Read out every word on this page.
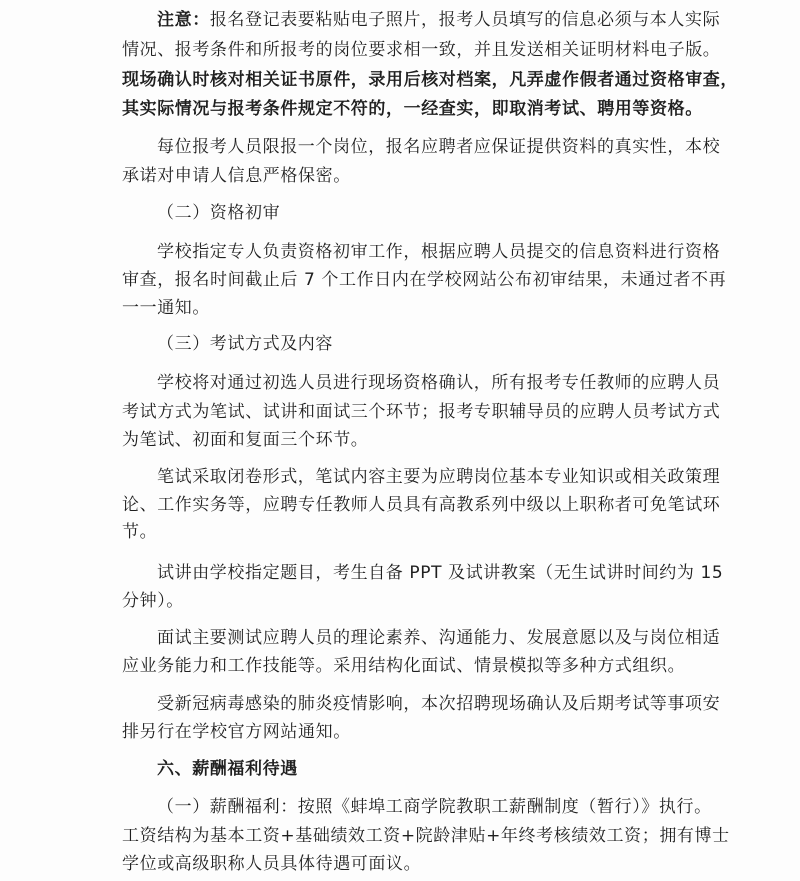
注意：报名登记表要粘贴电子照片，报考人员填写的信息必须与本人实际
情况、报考条件和所报考的岗位要求相一致，并且发送相关证明材料电子版。
现场确认时核对相关证书原件，录用后核对档案，凡弄虚作假者通过资格审查，
其实际情况与报考条件规定不符的，一经查实，即取消考试、聘用等资格。
每位报考人员限报一个岗位，报名应聘者应保证提供资料的真实性，本校
承诺对申请人信息严格保密。
（二）资格初审
学校指定专人负责资格初审工作，根据应聘人员提交的信息资料进行资格
审查，报名时间截止后 7 个工作日内在学校网站公布初审结果，未通过者不再
一一通知。
（三）考试方式及内容
学校将对通过初选人员进行现场资格确认，所有报考专任教师的应聘人员
考试方式为笔试、试讲和面试三个环节；报考专职辅导员的应聘人员考试方式
为笔试、初面和复面三个环节。
笔试采取闭卷形式，笔试内容主要为应聘岗位基本专业知识或相关政策理
论、工作实务等，应聘专任教师人员具有高教系列中级以上职称者可免笔试环
节。
试讲由学校指定题目，考生自备 PPT 及试讲教案（无生试讲时间约为 15
分钟）。
面试主要测试应聘人员的理论素养、沟通能力、发展意愿以及与岗位相适
应业务能力和工作技能等。采用结构化面试、情景模拟等多种方式组织。
受新冠病毒感染的肺炎疫情影响，本次招聘现场确认及后期考试等事项安
排另行在学校官方网站通知。
六、薪酬福利待遇
（一）薪酬福利：按照《蚌埠工商学院教职工薪酬制度（暂行）》执行。
工资结构为基本工资+基础绩效工资+院龄津贴+年终考核绩效工资；拥有博士
学位或高级职称人员具体待遇可面议。
